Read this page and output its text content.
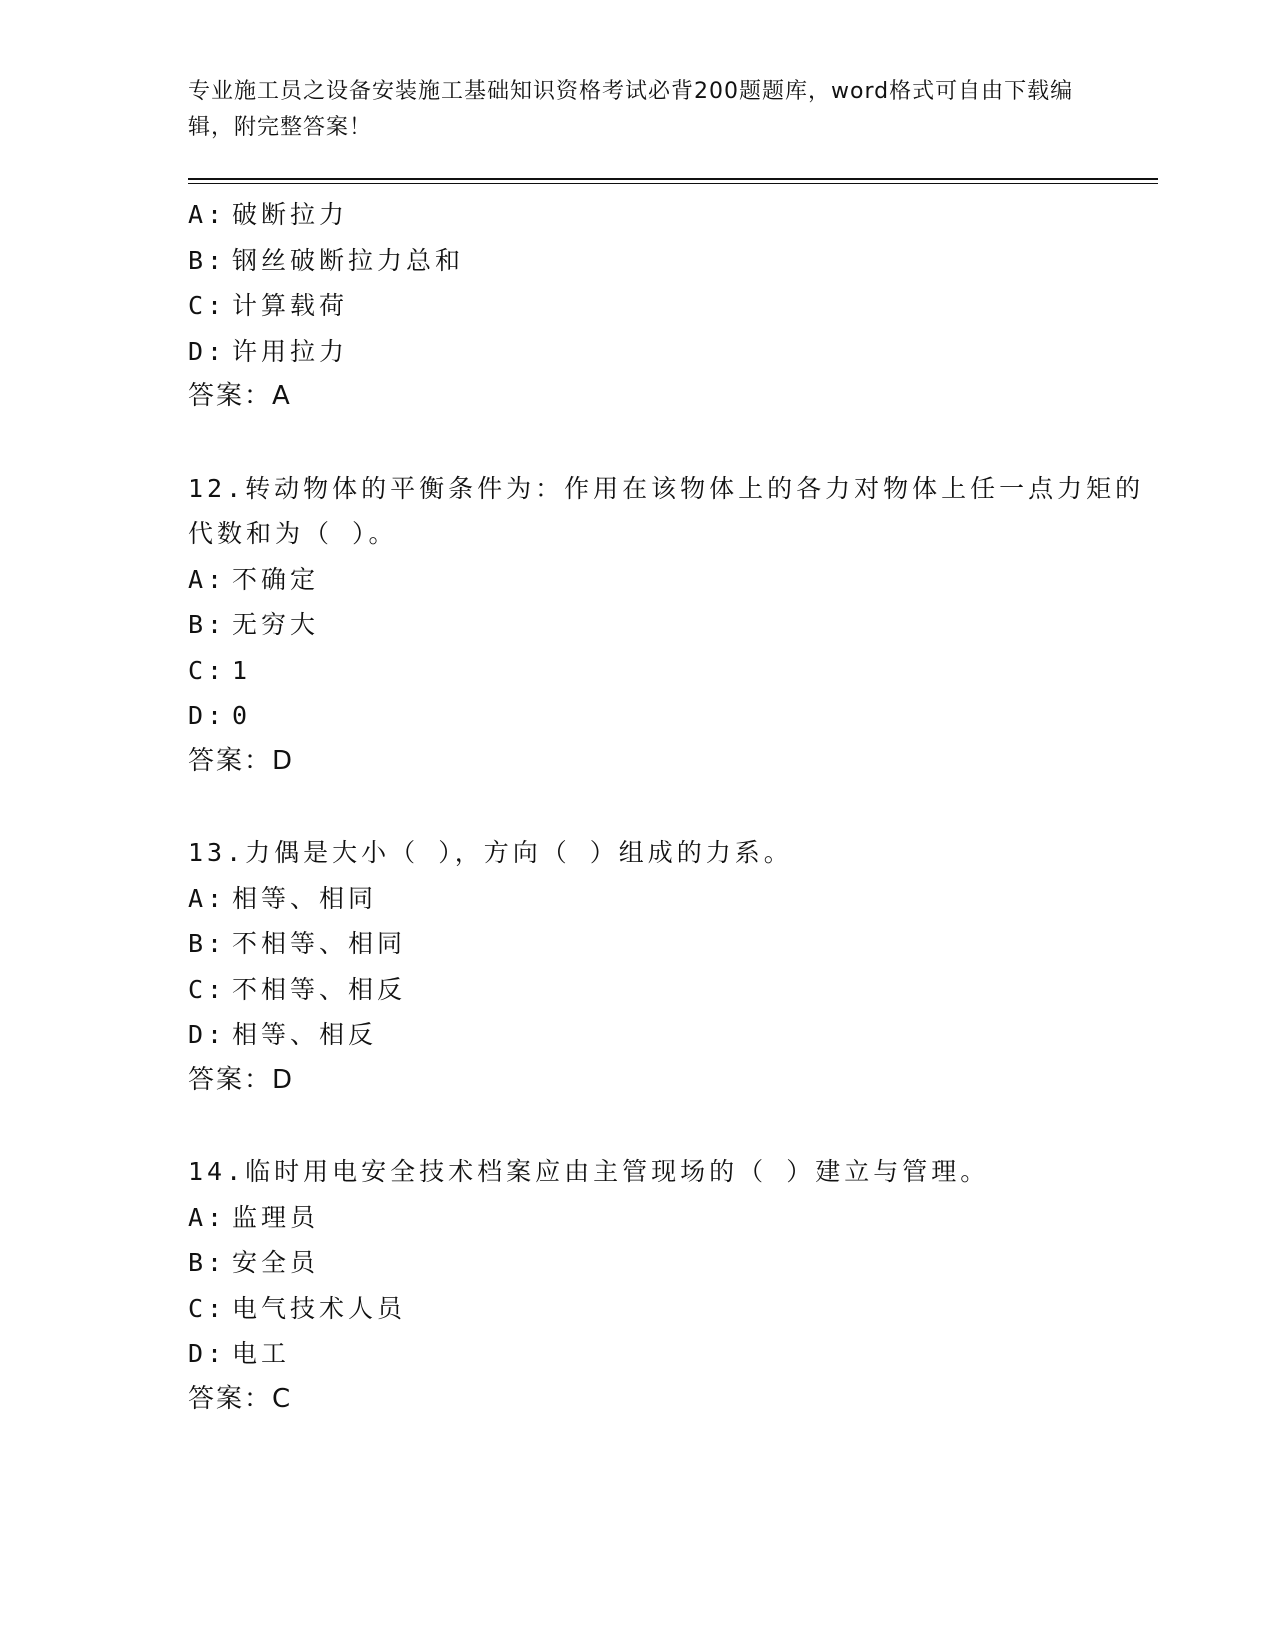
专业施工员之设备安装施工基础知识资格考试必背200题题库，word格式可自由下载编辑，附完整答案！
A: 破断拉力
B: 钢丝破断拉力总和
C: 计算载荷
D: 许用拉力
答案：A
12.转动物体的平衡条件为：作用在该物体上的各力对物体上任一点力矩的代数和为（ ）。
A: 不确定
B: 无穷大
C: 1
D: 0
答案：D
13.力偶是大小（ ），方向（ ）组成的力系。
A: 相等、相同
B: 不相等、相同
C: 不相等、相反
D: 相等、相反
答案：D
14.临时用电安全技术档案应由主管现场的（ ）建立与管理。
A: 监理员
B: 安全员
C: 电气技术人员
D: 电工
答案：C
